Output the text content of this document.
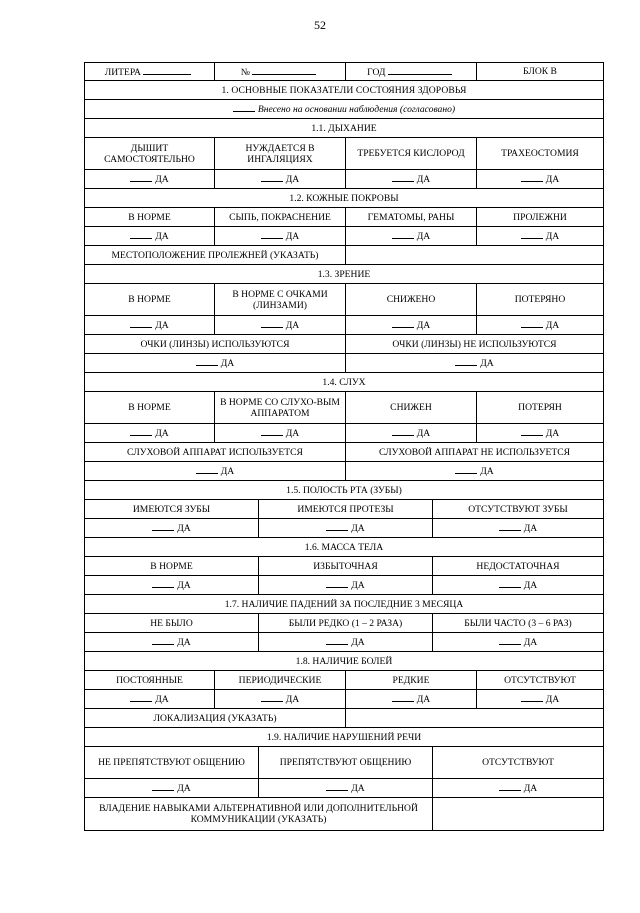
52
ЛИТЕРА	№		ГОД		БЛОК В
1. ОСНОВНЫЕ ПОКАЗАТЕЛИ СОСТОЯНИЯ ЗДОРОВЬЯ					
Внесено на основании наблюдения (согласовано)					
1.1. ДЫХАНИЕ					
ДЫШИТ САМОСТОЯТЕЛЬНО	НУЖДАЕТСЯ В ИНГАЛЯЦИЯХ		ТРЕБУЕТСЯ КИСЛОРОД		ТРАХЕОСТОМИЯ
ДА	ДА		ДА		ДА
1.2. КОЖНЫЕ ПОКРОВЫ					
В НОРМЕ	СЫПЬ, ПОКРАСНЕНИЕ		ГЕМАТОМЫ, РАНЫ		ПРОЛЕЖНИ
ДА	ДА		ДА		ДА
МЕСТОПОЛОЖЕНИЕ ПРОЛЕЖНЕЙ (УКАЗАТЬ)					
1.3. ЗРЕНИЕ					
В НОРМЕ	В НОРМЕ С ОЧКАМИ (ЛИНЗАМИ)		СНИЖЕНО		ПОТЕРЯНО
ДА	ДА		ДА		ДА
ОЧКИ (ЛИНЗЫ) ИСПОЛЬЗУЮТСЯ			ОЧКИ (ЛИНЗЫ) НЕ ИСПОЛЬЗУЮТСЯ		
ДА			ДА		
1.4. СЛУХ					
В НОРМЕ	В НОРМЕ СО СЛУХО-ВЫМ АППАРАТОМ		СНИЖЕН		ПОТЕРЯН
ДА	ДА		ДА		ДА
СЛУХОВОЙ АППАРАТ ИСПОЛЬЗУЕТСЯ			СЛУХОВОЙ АППАРАТ НЕ ИСПОЛЬЗУЕТСЯ		
ДА			ДА		
1.5. ПОЛОСТЬ РТА (ЗУБЫ)					
ИМЕЮТСЯ ЗУБЫ		ИМЕЮТСЯ ПРОТЕЗЫ		ОТСУТСТВУЮТ ЗУБЫ	
ДА		ДА		ДА	
1.6. МАССА ТЕЛА					
В НОРМЕ		ИЗБЫТОЧНАЯ		НЕДОСТАТОЧНАЯ	
ДА		ДА		ДА	
1.7. НАЛИЧИЕ ПАДЕНИЙ ЗА ПОСЛЕДНИЕ 3 МЕСЯЦА					
НЕ БЫЛО		БЫЛИ РЕДКО (1 – 2 РАЗА)		БЫЛИ ЧАСТО (3 – 6 РАЗ)	
ДА		ДА		ДА	
1.8. НАЛИЧИЕ БОЛЕЙ					
ПОСТОЯННЫЕ	ПЕРИОДИЧЕСКИЕ		РЕДКИЕ		ОТСУТСТВУЮТ
ДА	ДА		ДА		ДА
ЛОКАЛИЗАЦИЯ (УКАЗАТЬ)					
1.9. НАЛИЧИЕ НАРУШЕНИЙ РЕЧИ					
НЕ ПРЕПЯТСТВУЮТ ОБЩЕНИЮ		ПРЕПЯТСТВУЮТ ОБЩЕНИЮ		ОТСУТСТВУЮТ	
ДА		ДА		ДА	
ВЛАДЕНИЕ НАВЫКАМИ АЛЬТЕРНАТИВНОЙ ИЛИ ДОПОЛНИТЕЛЬНОЙ КОММУНИКАЦИИ (УКАЗАТЬ)					
